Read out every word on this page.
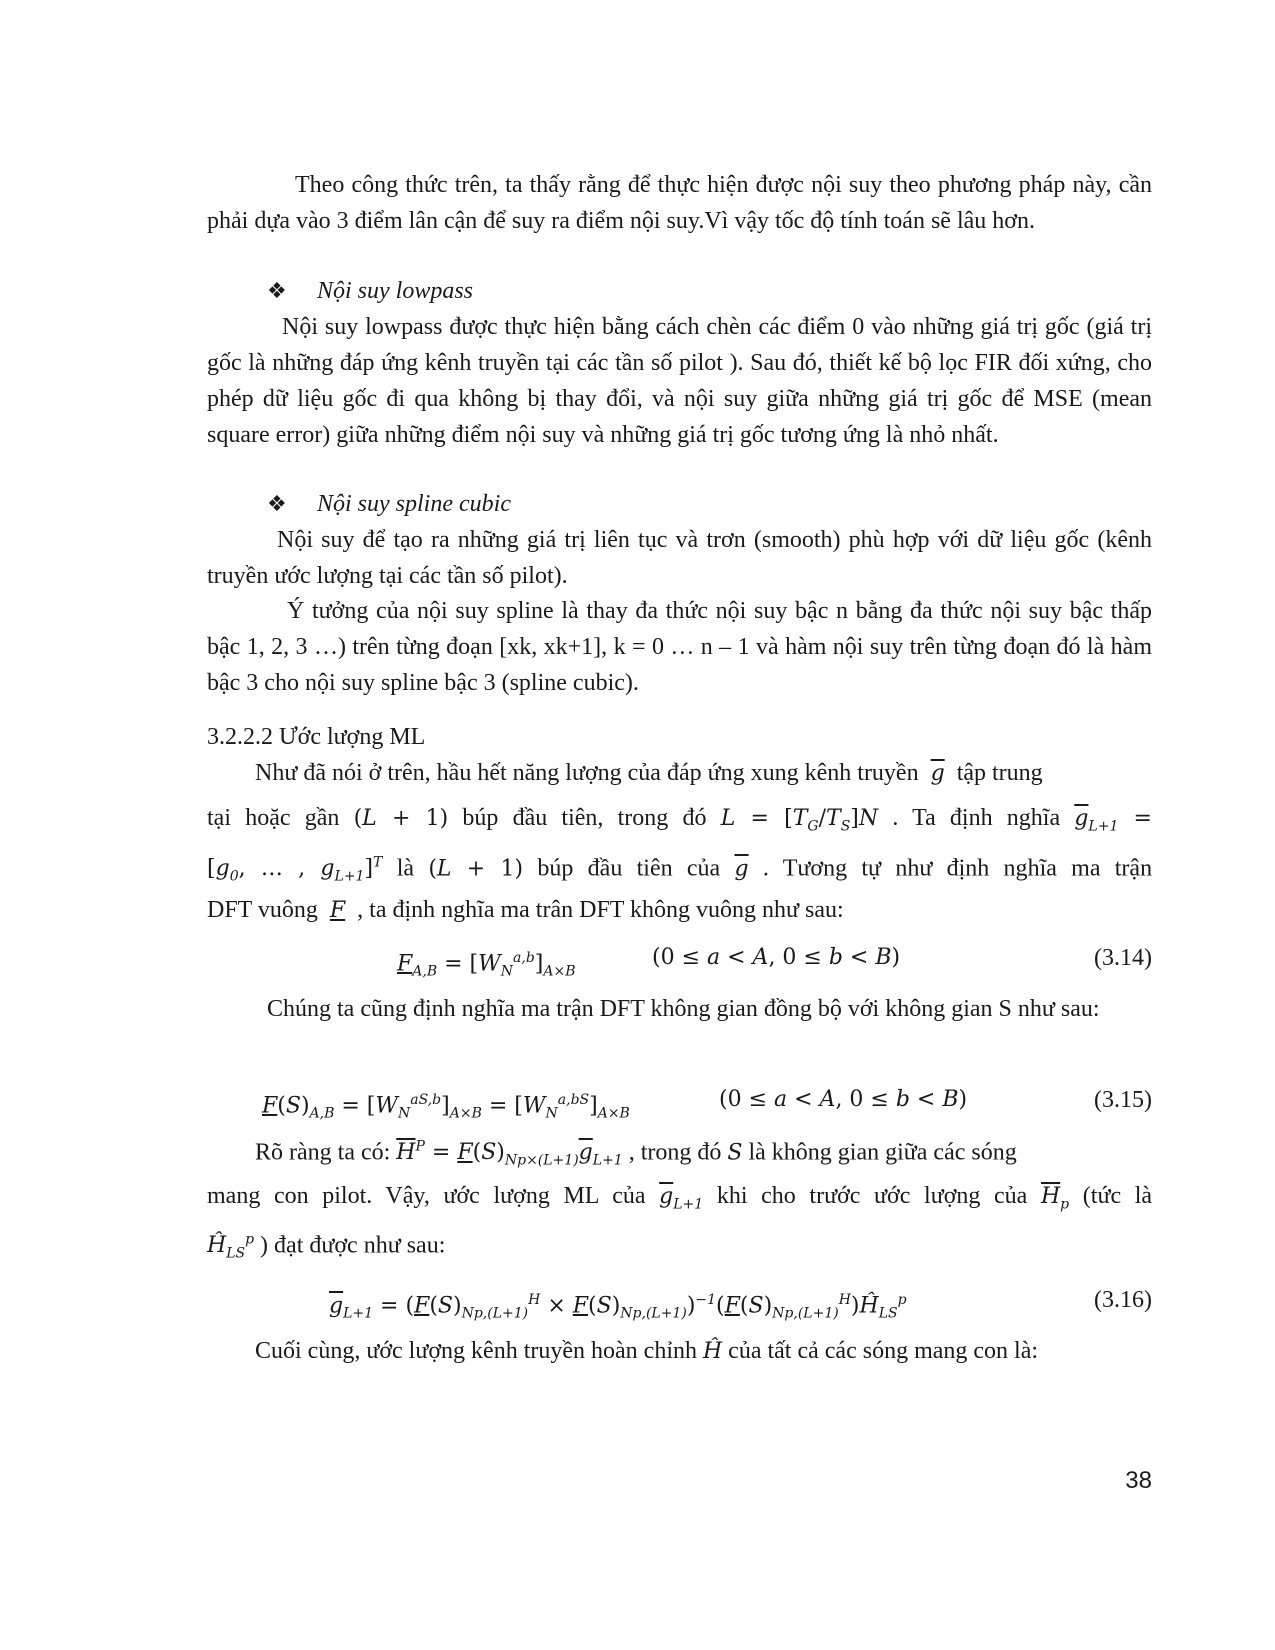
Theo công thức trên, ta thấy rằng để thực hiện được nội suy theo phương pháp này, cần phải dựa vào 3 điểm lân cận để suy ra điểm nội suy.Vì vậy tốc độ tính toán sẽ lâu hơn.

❖ Nội suy lowpass

Nội suy lowpass được thực hiện bằng cách chèn các điểm 0 vào những giá trị gốc (giá trị gốc là những đáp ứng kênh truyền tại các tần số pilot ). Sau đó, thiết kế bộ lọc FIR đối xứng, cho phép dữ liệu gốc đi qua không bị thay đổi, và nội suy giữa những giá trị gốc để MSE (mean square error) giữa những điểm nội suy và những giá trị gốc tương ứng là nhỏ nhất.

❖ Nội suy spline cubic

Nội suy để tạo ra những giá trị liên tục và trơn (smooth) phù hợp với dữ liệu gốc (kênh truyền ước lượng tại các tần số pilot).

Ý tưởng của nội suy spline là thay đa thức nội suy bậc n bằng đa thức nội suy bậc thấp bậc 1, 2, 3 …) trên từng đoạn [xk, xk+1], k = 0 … n – 1 và hàm nội suy trên từng đoạn đó là hàm bậc 3 cho nội suy spline bậc 3 (spline cubic).

3.2.2.2 Ước lượng ML
Như đã nói ở trên, hầu hết năng lượng của đáp ứng xung kênh truyền $\overline{g}$ tập trung
tại hoặc gần (L + 1) búp đầu tiên, trong đó $L = [T_G/T_S]N$ . Ta định nghĩa $\overline{g}_{L+1}$ =
[$g_0$, … , $g_{L+1}]^T$ là (L + 1) búp đầu tiên của $\overline{g}$ . Tương tự như định nghĩa ma trận
DFT vuông F , ta định nghĩa ma trân DFT không vuông như sau:
$F_{A,B} = [W_N^{a,b}]_{A\times B}$
(0 ≤ a < A, 0 ≤ b < B)	(3.14)

Chúng ta cũng định nghĩa ma trận DFT không gian đồng bộ với không gian S như sau:

$F(S)_{A,B} = [W_N^{aS,b}]_{A\times B} = [W_N^{a,bS}]_{A\times B}$
(0 ≤ a < A, 0 ≤ b < B)	(3.15)
Rõ ràng ta có: $\overline{H}^P = F(S)_{Np\times(L+1)}\overline{g}_{L+1}$ , trong đó S là không gian giữa các sóng
mang con pilot. Vậy, ước lượng ML của $\overline{g}_{L+1}$ khi cho trước ước lượng của $\overline{H}_p$ (tức là
$Ĥ_{LS}^p$ ) đạt được như sau:
$\overline{g}_{L+1} = (F(S)_{Np,(L+1)}^H$ × $F(S)_{Np,(L+1)})^{-1}(F(S)_{Np,(L+1)}^H)Ĥ_{LS}^p$	(3.16)
Cuối cùng, ước lượng kênh truyền hoàn chỉnh Ĥ của tất cả các sóng mang con là:
38
